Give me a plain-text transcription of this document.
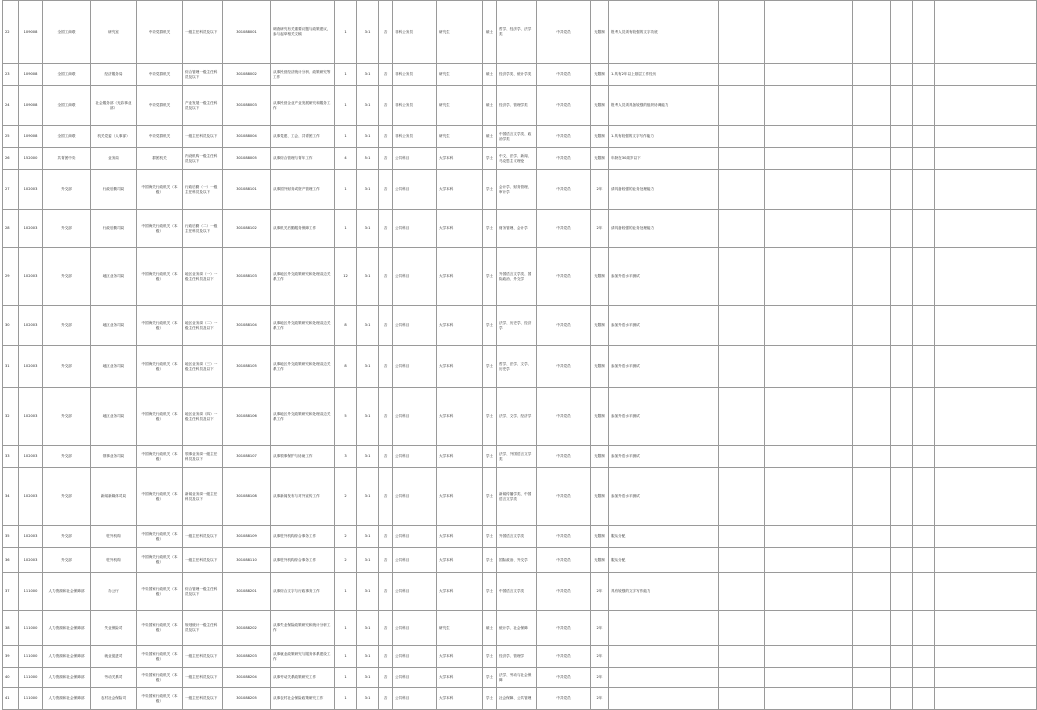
22	109008	全国工商联	研究室	中央党群机关	一级主任科员及以下	301088001	调查研究有关重要议题与政策建议，参与起草相关文稿	1	3:1	否	非科公务员	研究生	硕士	哲学、经济学、法学类	中共党员	无限制	报考人员须有较强的文字功底						
23	109008	全国工商联	经济服务局	中央党群机关	综合管理一级主任科员及以下	301088002	从事民营经济统计分析、政策研究等工作	1	3:1	否	非科公务员	研究生	硕士	经济学类、统计学类	中共党员	无限制	1.具有2年以上基层工作经历						
24	109008	全国工商联	社会服务部（光彩事业部）	中央党群机关	产业发展一级主任科员及以下	301088003	从事民营企业产业发展研究和服务工作	1	3:1	否	非科公务员	研究生	硕士	经济学、管理学类	中共党员	无限制	报考人员须具备较强的组织协调能力						
25	109008	全国工商联	机关党委（人事部）	中央党群机关	一级主任科员及以下	301088004	从事党建、工会、共青团工作	1	3:1	否	非科公务员	研究生	硕士	中国语言文学类、政治学类	中共党员	无限制	1.具有较强的文字写作能力						
26	152000	共青团中央	业务局	群团机关	内设机构一级主任科员及以下	301088005	从事综合管理与青年工作	4	5:1	否	公共科目	大学本科	学士	中文、法学、新闻、马克思主义理论	中共党员	无限制	年龄在30周岁以下						
27	102003	外交部	行政后勤司局	中国海关行政机关（本级）	行政后勤（一）一级主任科员及以下	301088101	从事国外财务或资产管理工作	1	3:1	否	公共科目	大学本科	学士	会计学、财务管理、审计学	中共党员	2年	请具备较强的业务处理能力						
28	102003	外交部	行政后勤司局	中国海关行政机关（本级）	行政后勤（二）一级主任科员及以下	301088102	从事机关后勤服务保障工作	1	3:1	否	公共科目	大学本科	学士	财务管理、会计学	中共党员	2年	请具备较强的业务处理能力						
29	102003	外交部	地区业务司局	中国海关行政机关（本级）	地区业务岗（一）一级主任科员及以下	301088103	从事地区外交政策研究和处理双边关系工作	12	3:1	否	公共科目	大学本科	学士	外国语言文学类、国际政治、外交学	中共党员	无限制	参加外语水平测试						
30	102003	外交部	地区业务司局	中国海关行政机关（本级）	地区业务岗（二）一级主任科员及以下	301088104	从事地区外交政策研究和处理双边关系工作	8	3:1	否	公共科目	大学本科	学士	法学、历史学、经济学	中共党员	无限制	参加外语水平测试						
31	102003	外交部	地区业务司局	中国海关行政机关（本级）	地区业务岗（三）一级主任科员及以下	301088105	从事地区外交政策研究和处理双边关系工作	8	3:1	否	公共科目	大学本科	学士	哲学、法学、文学、历史学	中共党员	无限制	参加外语水平测试						
32	102003	外交部	地区业务司局	中国海关行政机关（本级）	地区业务岗（四）一级主任科员及以下	301088106	从事地区外交政策研究和处理双边关系工作	5	3:1	否	公共科目	大学本科	学士	法学、文学、经济学	中共党员	无限制	参加外语水平测试						
33	102003	外交部	领事业务司局	中国海关行政机关（本级）	领事业务岗一级主任科员及以下	301088107	从事领事保护与协助工作	3	3:1	否	公共科目	大学本科	学士	法学、外国语言文学类	中共党员	无限制	参加外语水平测试						
34	102003	外交部	新闻新媒体司局	中国海关行政机关（本级）	新闻业务岗一级主任科员及以下	301088108	从事新闻发布与对外宣传工作	2	3:1	否	公共科目	大学本科	学士	新闻传播学类、中国语言文学类	中共党员	无限制	参加外语水平测试						
35	102003	外交部	驻外机构	中国海关行政机关（本级）	一级主任科员及以下	301088109	从事驻外机构综合事务工作	2	3:1	否	公共科目	大学本科	学士	外国语言文学类	中共党员	无限制	服从分配						
36	102003	外交部	驻外机构	中国海关行政机关（本级）	一级主任科员及以下	301088110	从事驻外机构综合事务工作	2	3:1	否	公共科目	大学本科	学士	国际政治、外交学	中共党员	无限制	服从分配						
37	111000	人力资源和社会保障部	办公厅	中央国家行政机关（本级）	综合管理一级主任科员及以下	301088201	从事综合文字与行政事务工作	1	3:1	否	公共科目	大学本科	学士	中国语言文学类	中共党员	2年	具有较强的文字写作能力						
38	111000	人力资源和社会保障部	失业保险司	中央国家行政机关（本级）	规划统计一级主任科员及以下	301088202	从事失业保险政策研究和统计分析工作	1	3:1	否	公共科目	研究生	硕士	统计学、社会保障	中共党员	2年							
39	111000	人力资源和社会保障部	就业促进司	中央国家行政机关（本级）	一级主任科员及以下	301088203	从事就业政策研究与服务体系建设工作	1	3:1	否	公共科目	大学本科	学士	经济学、管理学	中共党员	2年							
40	111000	人力资源和社会保障部	劳动关系司	中央国家行政机关（本级）	一级主任科员及以下	301088204	从事劳动关系政策研究工作	1	3:1	否	公共科目	大学本科	学士	法学、劳动与社会保障	中共党员	2年							
41	111000	人力资源和社会保障部	农村社会保险司	中央国家行政机关（本级）	一级主任科员及以下	301088205	从事农村社会保险政策研究工作	1	3:1	否	公共科目	大学本科	学士	社会保障、公共管理	中共党员	2年							
